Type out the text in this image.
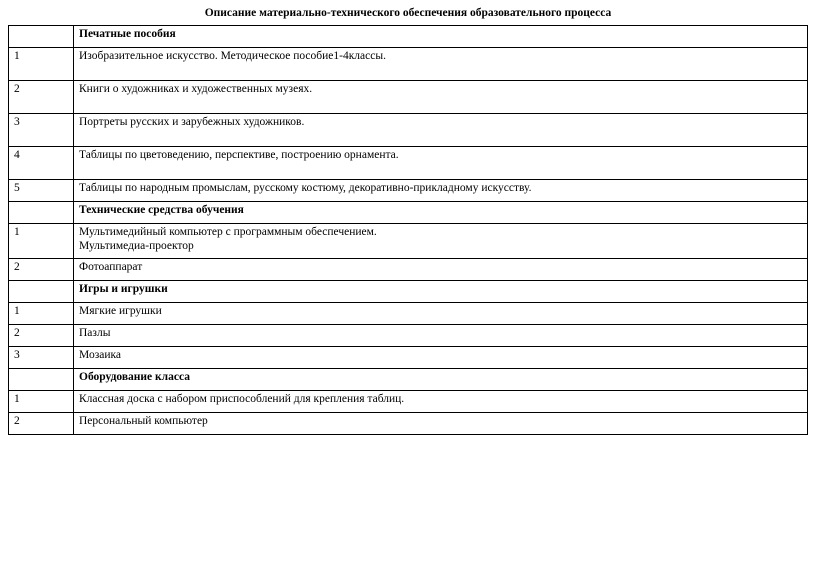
Описание материально-технического обеспечения образовательного процесса
	Печатные пособия
1	Изобразительное искусство. Методическое пособие1-4классы.
2	Книги о художниках и художественных музеях.
3	Портреты русских и зарубежных художников.
4	Таблицы по цветоведению, перспективе, построению орнамента.
5	Таблицы по народным промыслам, русскому костюму, декоративно-прикладному искусству.
	Технические средства обучения
1	Мультимедийный компьютер с программным обеспечением.
Мультимедиа-проектор

2	Фотоаппарат
	Игры и игрушки
1	Мягкие игрушки
2	Пазлы
3	Мозаика
	Оборудование класса
1	Классная доска с набором приспособлений для крепления таблиц.
2	Персональный компьютер
